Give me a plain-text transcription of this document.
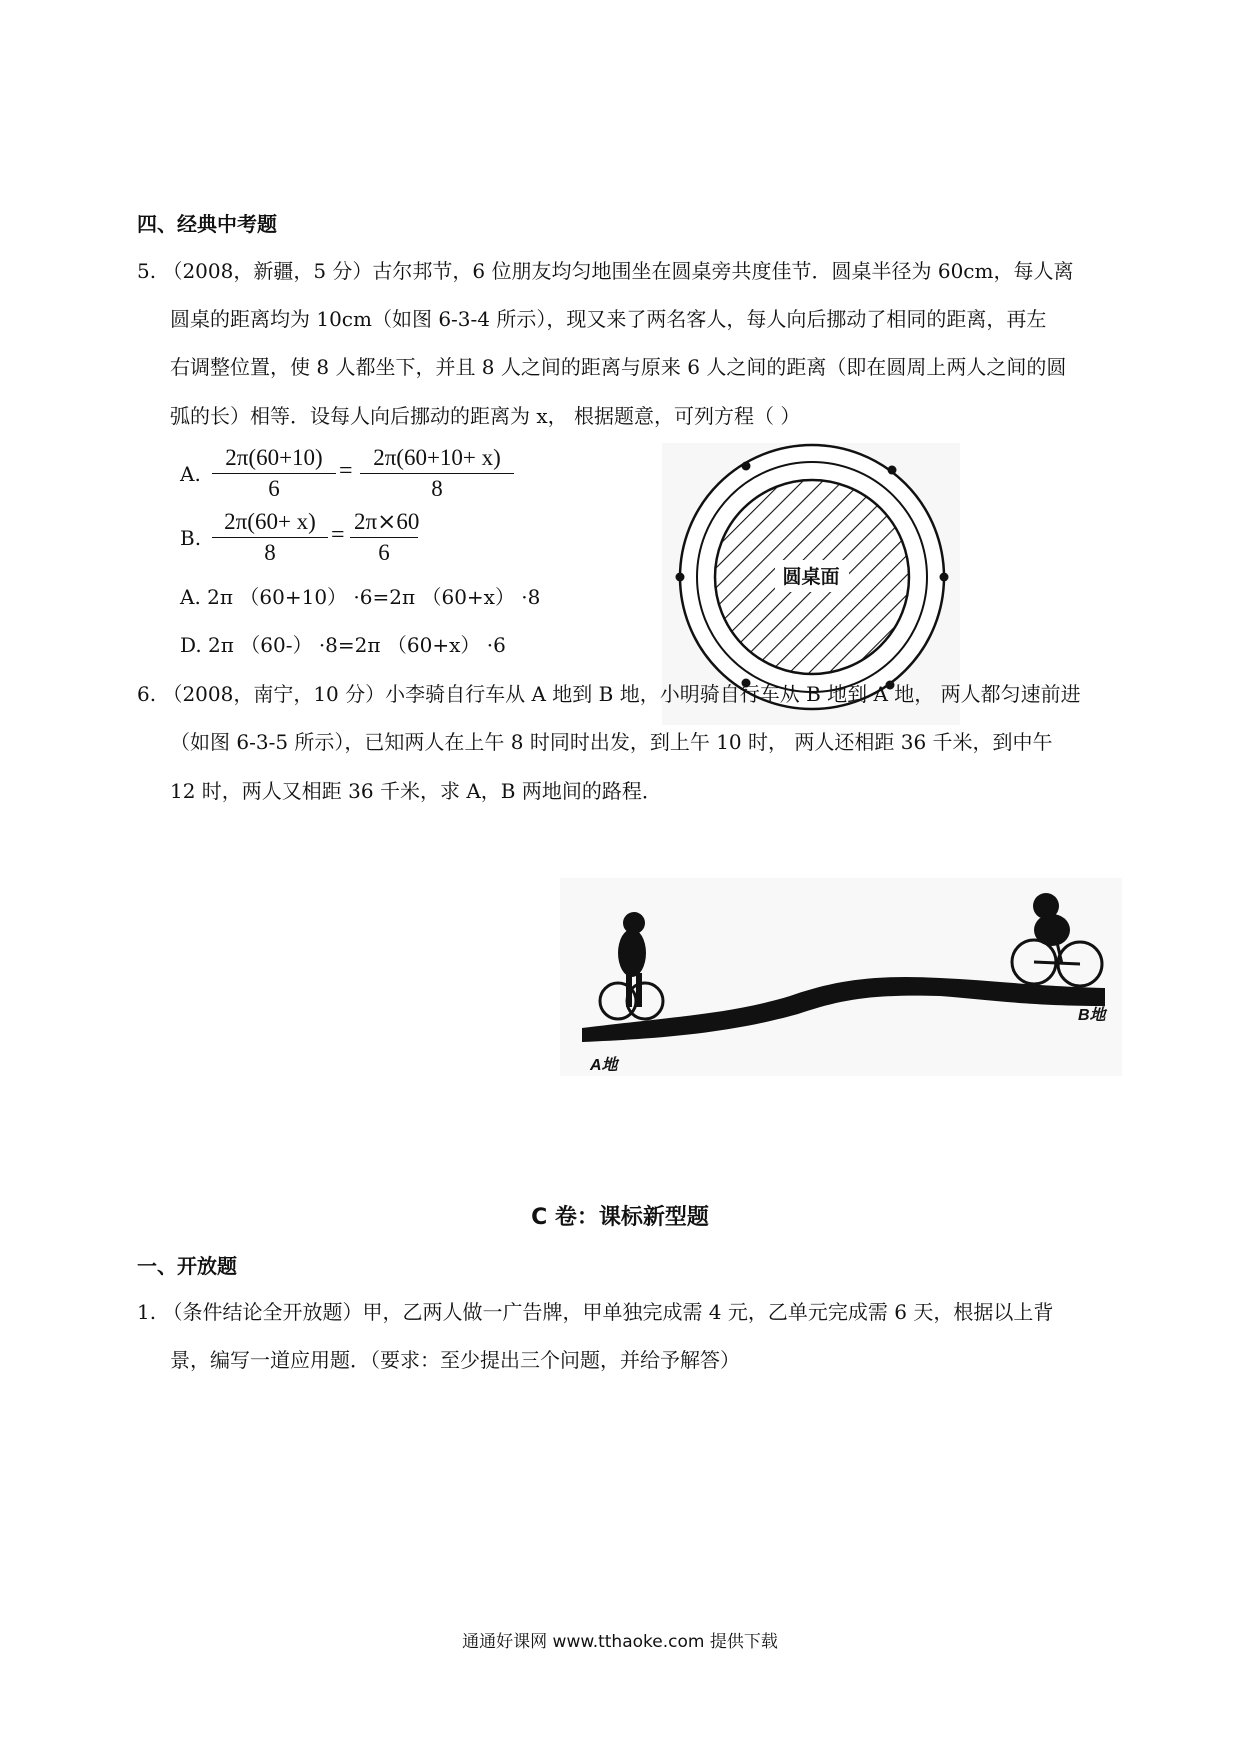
四、经典中考题
5. （2008，新疆，5 分）古尔邦节，6 位朋友均匀地围坐在圆桌旁共度佳节．圆桌半径为 60cm，每人离
圆桌的距离均为 10cm（如图 6-3-4 所示），现又来了两名客人，每人向后挪动了相同的距离，再左
右调整位置，使 8 人都坐下，并且 8 人之间的距离与原来 6 人之间的距离（即在圆周上两人之间的圆
弧的长）相等．设每人向后挪动的距离为 x， 根据题意，可列方程（ ）
A. $\frac{2\pi(60+10)}{6} = \frac{2\pi(60+10+ x)}{8}$
B. $\frac{2\pi(60+ x)}{8} = \frac{2\pi⨯60}{6}$
A. 2π （60+10） ·6=2π （60+x） ·8
D. 2π （60-） ·8=2π （60+x） ·6
圆桌面
6. （2008，南宁，10 分）小李骑自行车从 A 地到 B 地，小明骑自行车从 B 地到 A 地， 两人都匀速前进
（如图 6-3-5 所示），已知两人在上午 8 时同时出发，到上午 10 时， 两人还相距 36 千米，到中午
12 时，两人又相距 36 千米，求 A，B 两地间的路程．
A地
B地
C 卷：课标新型题
一、开放题
1. （条件结论全开放题）甲，乙两人做一广告牌，甲单独完成需 4 元，乙单元完成需 6 天，根据以上背
景，编写一道应用题．（要求：至少提出三个问题，并给予解答）
通通好课网 www.tthaoke.com 提供下载
